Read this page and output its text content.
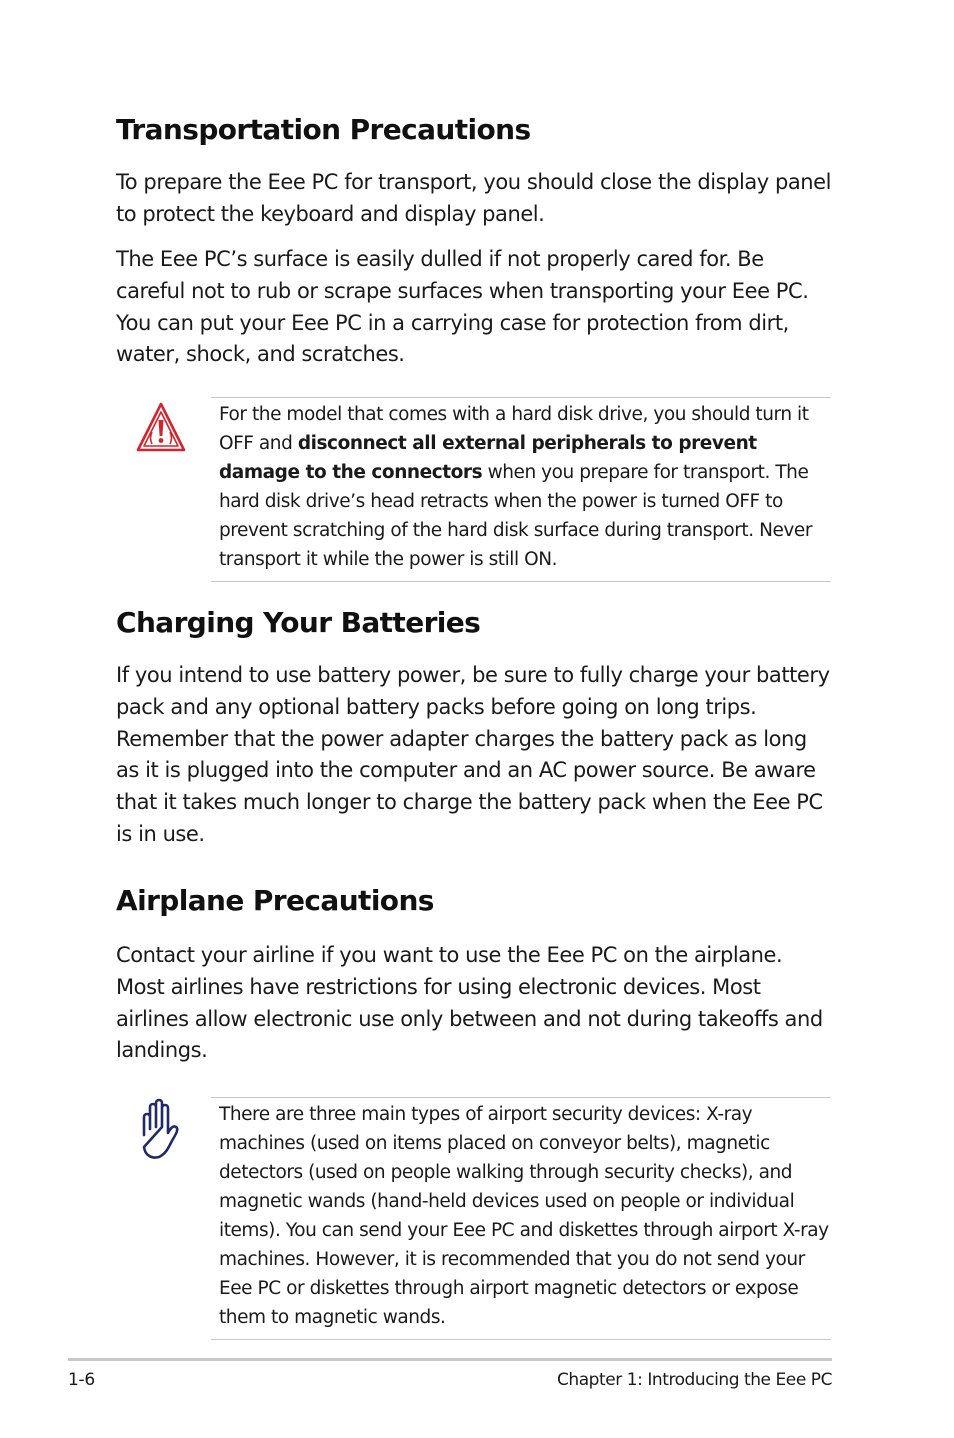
Transportation Precautions

To prepare the Eee PC for transport, you should close the display panel to protect the keyboard and display panel.

The Eee PC’s surface is easily dulled if not properly cared for. Be careful not to rub or scrape surfaces when transporting your Eee PC. You can put your Eee PC in a carrying case for protection from dirt, water, shock, and scratches.

For the model that comes with a hard disk drive, you should turn it OFF and disconnect all external peripherals to prevent damage to the connectors when you prepare for transport. The hard disk drive’s head retracts when the power is turned OFF to prevent scratching of the hard disk surface during transport. Never transport it while the power is still ON.

Charging Your Batteries

If you intend to use battery power, be sure to fully charge your battery pack and any optional battery packs before going on long trips. Remember that the power adapter charges the battery pack as long as it is plugged into the computer and an AC power source. Be aware that it takes much longer to charge the battery pack when the Eee PC is in use.

Airplane Precautions

Contact your airline if you want to use the Eee PC on the airplane. Most airlines have restrictions for using electronic devices. Most airlines allow electronic use only between and not during takeoffs and landings.

There are three main types of airport security devices: X-ray machines (used on items placed on conveyor belts), magnetic detectors (used on people walking through security checks), and magnetic wands (hand-held devices used on people or individual items). You can send your Eee PC and diskettes through airport X-ray machines. However, it is recommended that you do not send your Eee PC or diskettes through airport magnetic detectors or expose them to magnetic wands.

1-6	Chapter 1: Introducing the Eee PC
